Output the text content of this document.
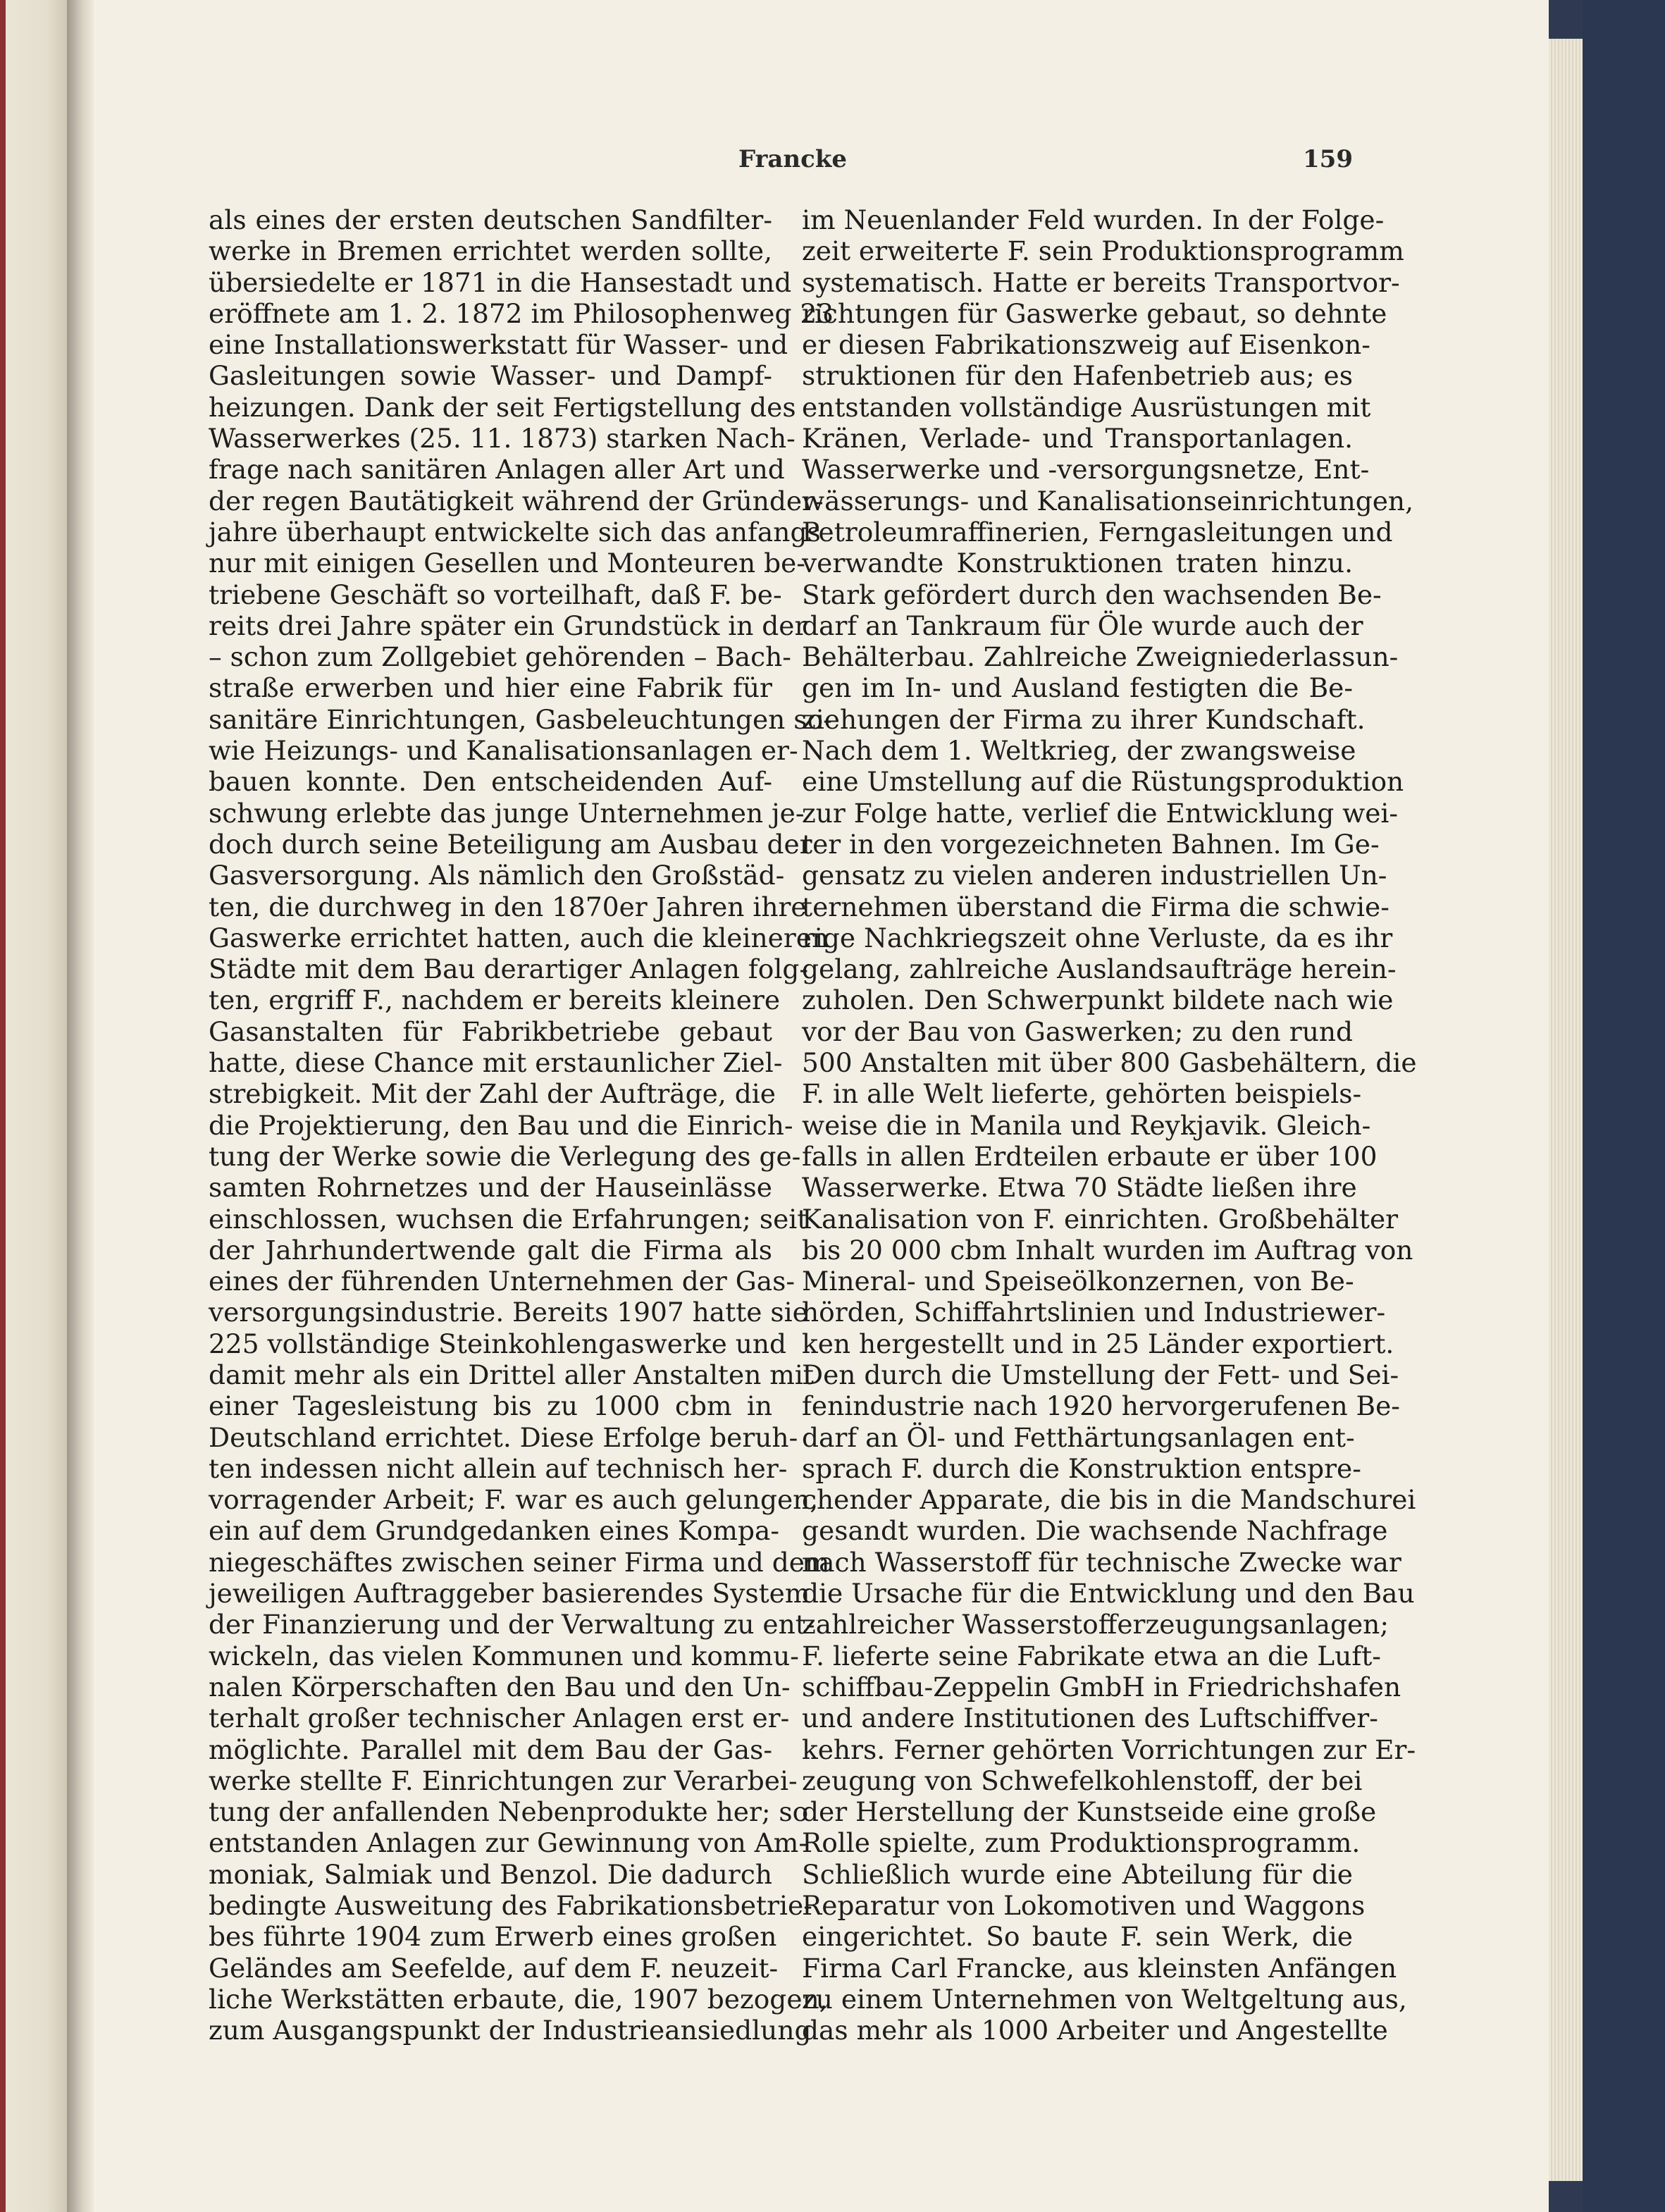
Francke	159
als eines der ersten deutschen Sandfilter-
werke in Bremen errichtet werden sollte,
übersiedelte er 1871 in die Hansestadt und
eröffnete am 1. 2. 1872 im Philosophenweg 23
eine Installationswerkstatt für Wasser- und
Gasleitungen sowie Wasser- und Dampf-
heizungen. Dank der seit Fertigstellung des
Wasserwerkes (25. 11. 1873) starken Nach-
frage nach sanitären Anlagen aller Art und
der regen Bautätigkeit während der Gründer-
jahre überhaupt entwickelte sich das anfangs
nur mit einigen Gesellen und Monteuren be-
triebene Geschäft so vorteilhaft, daß F. be-
reits drei Jahre später ein Grundstück in der
– schon zum Zollgebiet gehörenden – Bach-
straße erwerben und hier eine Fabrik für
sanitäre Einrichtungen, Gasbeleuchtungen so-
wie Heizungs- und Kanalisationsanlagen er-
bauen konnte. Den entscheidenden Auf-
schwung erlebte das junge Unternehmen je-
doch durch seine Beteiligung am Ausbau der
Gasversorgung. Als nämlich den Großstäd-
ten, die durchweg in den 1870er Jahren ihre
Gaswerke errichtet hatten, auch die kleineren
Städte mit dem Bau derartiger Anlagen folg-
ten, ergriff F., nachdem er bereits kleinere
Gasanstalten für Fabrikbetriebe gebaut
hatte, diese Chance mit erstaunlicher Ziel-
strebigkeit. Mit der Zahl der Aufträge, die
die Projektierung, den Bau und die Einrich-
tung der Werke sowie die Verlegung des ge-
samten Rohrnetzes und der Hauseinlässe
einschlossen, wuchsen die Erfahrungen; seit
der Jahrhundertwende galt die Firma als
eines der führenden Unternehmen der Gas-
versorgungsindustrie. Bereits 1907 hatte sie
225 vollständige Steinkohlengaswerke und
damit mehr als ein Drittel aller Anstalten mit
einer Tagesleistung bis zu 1000 cbm in
Deutschland errichtet. Diese Erfolge beruh-
ten indessen nicht allein auf technisch her-
vorragender Arbeit; F. war es auch gelungen,
ein auf dem Grundgedanken eines Kompa-
niegeschäftes zwischen seiner Firma und dem
jeweiligen Auftraggeber basierendes System
der Finanzierung und der Verwaltung zu ent-
wickeln, das vielen Kommunen und kommu-
nalen Körperschaften den Bau und den Un-
terhalt großer technischer Anlagen erst er-
möglichte. Parallel mit dem Bau der Gas-
werke stellte F. Einrichtungen zur Verarbei-
tung der anfallenden Nebenprodukte her; so
entstanden Anlagen zur Gewinnung von Am-
moniak, Salmiak und Benzol. Die dadurch
bedingte Ausweitung des Fabrikationsbetrie-
bes führte 1904 zum Erwerb eines großen
Geländes am Seefelde, auf dem F. neuzeit-
liche Werkstätten erbaute, die, 1907 bezogen,
zum Ausgangspunkt der Industrieansiedlung
im Neuenlander Feld wurden. In der Folge-
zeit erweiterte F. sein Produktionsprogramm
systematisch. Hatte er bereits Transportvor-
richtungen für Gaswerke gebaut, so dehnte
er diesen Fabrikationszweig auf Eisenkon-
struktionen für den Hafenbetrieb aus; es
entstanden vollständige Ausrüstungen mit
Kränen, Verlade- und Transportanlagen.
Wasserwerke und -versorgungsnetze, Ent-
wässerungs- und Kanalisationseinrichtungen,
Petroleumraffinerien, Ferngasleitungen und
verwandte Konstruktionen traten hinzu.
Stark gefördert durch den wachsenden Be-
darf an Tankraum für Öle wurde auch der
Behälterbau. Zahlreiche Zweigniederlassun-
gen im In- und Ausland festigten die Be-
ziehungen der Firma zu ihrer Kundschaft.
Nach dem 1. Weltkrieg, der zwangsweise
eine Umstellung auf die Rüstungsproduktion
zur Folge hatte, verlief die Entwicklung wei-
ter in den vorgezeichneten Bahnen. Im Ge-
gensatz zu vielen anderen industriellen Un-
ternehmen überstand die Firma die schwie-
rige Nachkriegszeit ohne Verluste, da es ihr
gelang, zahlreiche Auslandsaufträge herein-
zuholen. Den Schwerpunkt bildete nach wie
vor der Bau von Gaswerken; zu den rund
500 Anstalten mit über 800 Gasbehältern, die
F. in alle Welt lieferte, gehörten beispiels-
weise die in Manila und Reykjavik. Gleich-
falls in allen Erdteilen erbaute er über 100
Wasserwerke. Etwa 70 Städte ließen ihre
Kanalisation von F. einrichten. Großbehälter
bis 20 000 cbm Inhalt wurden im Auftrag von
Mineral- und Speiseölkonzernen, von Be-
hörden, Schiffahrtslinien und Industriewer-
ken hergestellt und in 25 Länder exportiert.
Den durch die Umstellung der Fett- und Sei-
fenindustrie nach 1920 hervorgerufenen Be-
darf an Öl- und Fetthärtungsanlagen ent-
sprach F. durch die Konstruktion entspre-
chender Apparate, die bis in die Mandschurei
gesandt wurden. Die wachsende Nachfrage
nach Wasserstoff für technische Zwecke war
die Ursache für die Entwicklung und den Bau
zahlreicher Wasserstofferzeugungsanlagen;
F. lieferte seine Fabrikate etwa an die Luft-
schiffbau-Zeppelin GmbH in Friedrichshafen
und andere Institutionen des Luftschiffver-
kehrs. Ferner gehörten Vorrichtungen zur Er-
zeugung von Schwefelkohlenstoff, der bei
der Herstellung der Kunstseide eine große
Rolle spielte, zum Produktionsprogramm.
Schließlich wurde eine Abteilung für die
Reparatur von Lokomotiven und Waggons
eingerichtet. So baute F. sein Werk, die
Firma Carl Francke, aus kleinsten Anfängen
zu einem Unternehmen von Weltgeltung aus,
das mehr als 1000 Arbeiter und Angestellte
